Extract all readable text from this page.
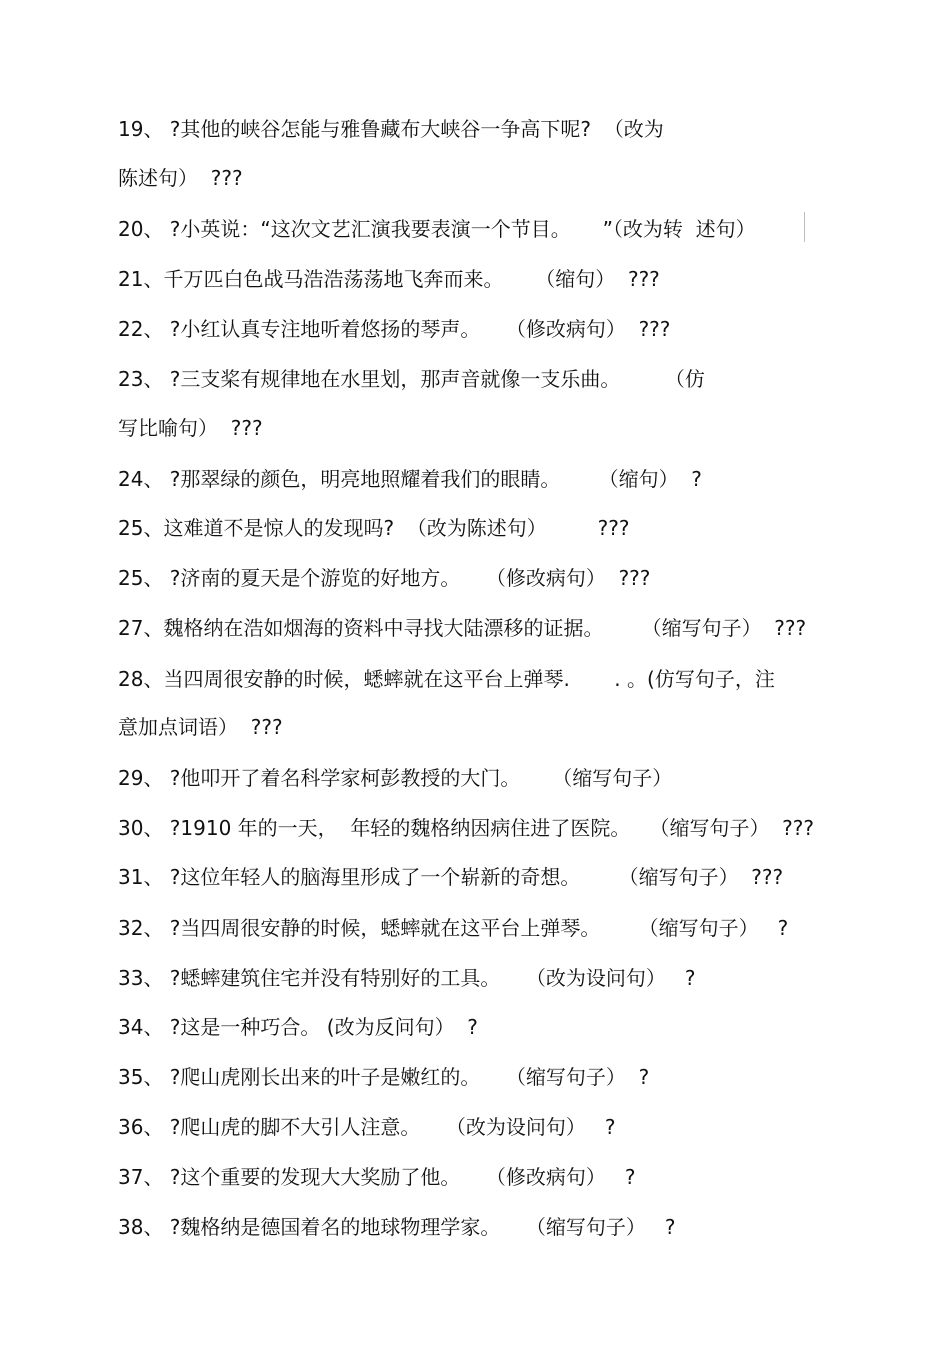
19、 ?其他的峡谷怎能与雅鲁藏布大峡谷一争高下呢?  （改为
陈述句）  ???
20、 ?小英说：“这次文艺汇演我要表演一个节目。     ”（改为转  述句）
21、千万匹白色战马浩浩荡荡地飞奔而来。     （缩句）  ???
22、 ?小红认真专注地听着悠扬的琴声。    （修改病句）  ???
23、 ?三支桨有规律地在水里划，那声音就像一支乐曲。       （仿
写比喻句）  ???
24、 ?那翠绿的颜色，明亮地照耀着我们的眼睛。      （缩句）  ?
25、这难道不是惊人的发现吗?  （改为陈述句）        ???
25、 ?济南的夏天是个游览的好地方。    （修改病句）  ???
27、魏格纳在浩如烟海的资料中寻找大陆漂移的证据。      （缩写句子）  ???
28、当四周很安静的时候，蟋蟀就在这平台上弹琴.       . 。(仿写句子，注
意加点词语）  ???
29、 ?他叩开了着名科学家柯彭教授的大门。     （缩写句子）
30、 ?1910 年的一天，  年轻的魏格纳因病住进了医院。   （缩写句子）  ???
31、 ?这位年轻人的脑海里形成了一个崭新的奇想。      （缩写句子）  ???
32、 ?当四周很安静的时候，蟋蟀就在这平台上弹琴。      （缩写句子）   ?
33、 ?蟋蟀建筑住宅并没有特别好的工具。    （改为设问句）   ?
34、 ?这是一种巧合。 (改为反问句）  ?
35、 ?爬山虎刚长出来的叶子是嫩红的。    （缩写句子）  ?
36、 ?爬山虎的脚不大引人注意。    （改为设问句）   ?
37、 ?这个重要的发现大大奖励了他。    （修改病句）   ?
38、 ?魏格纳是德国着名的地球物理学家。    （缩写句子）   ?
